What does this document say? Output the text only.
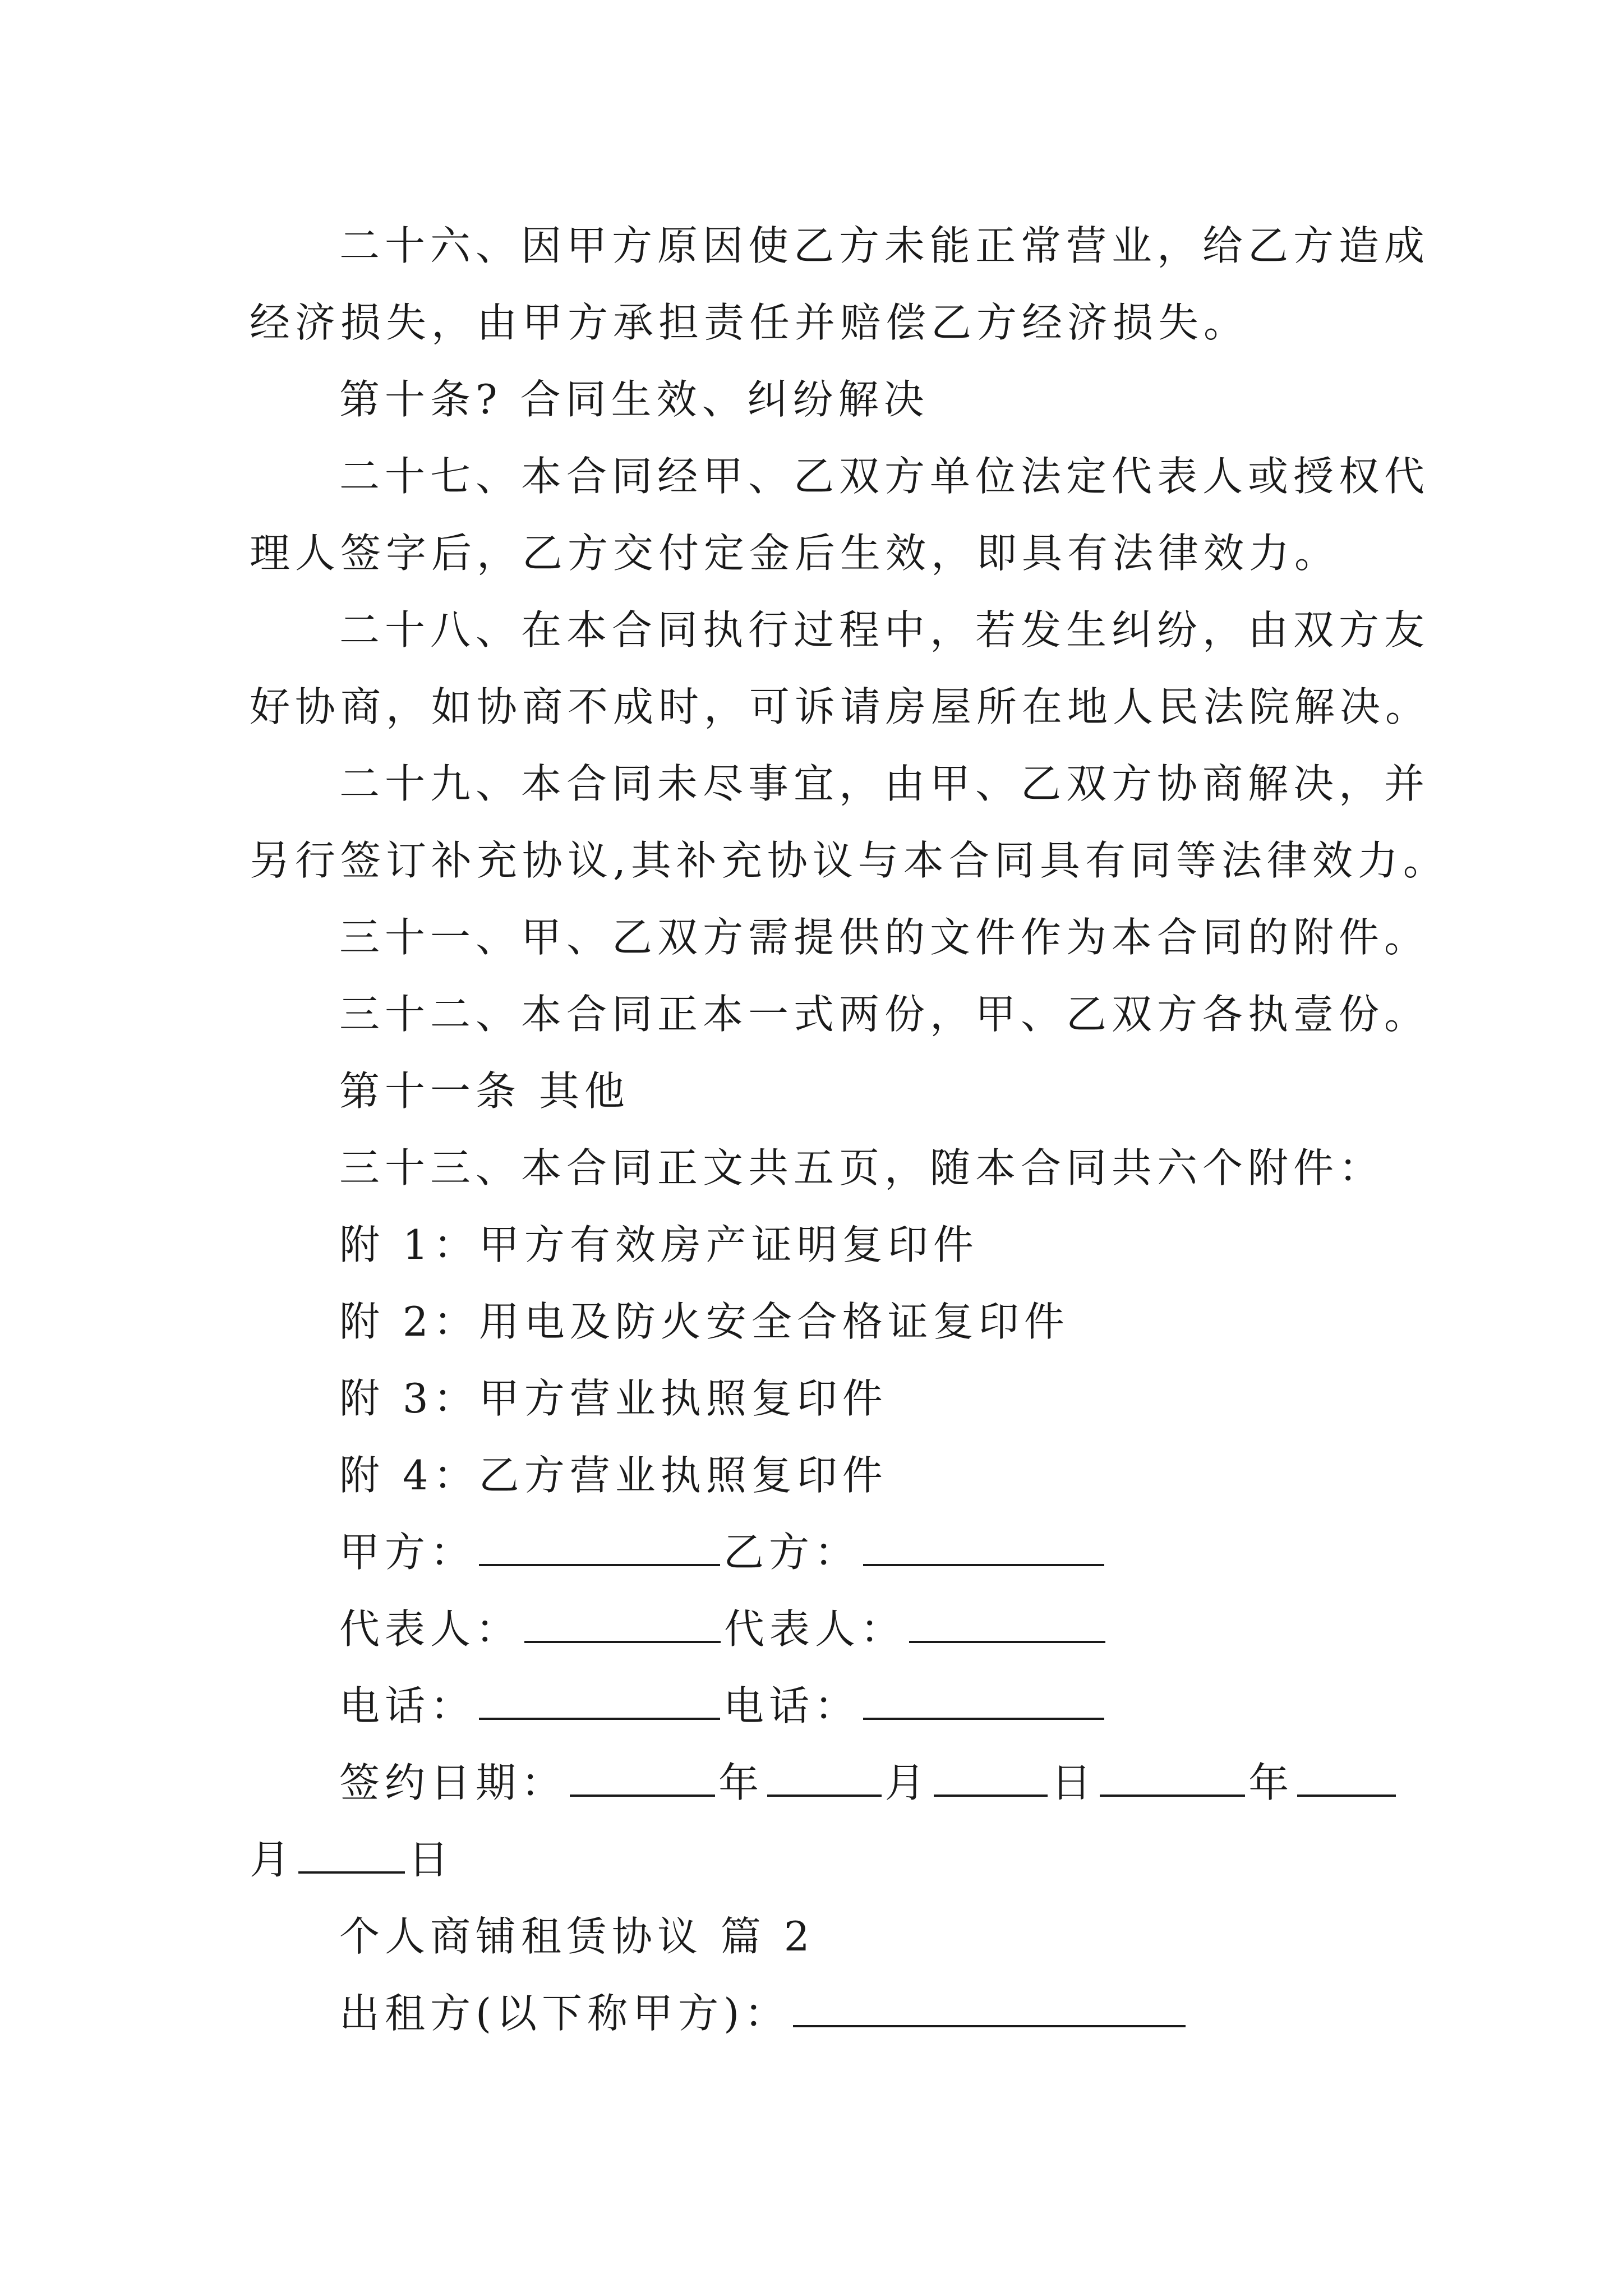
二十六、因甲方原因使乙方未能正常营业，给乙方造成
经济损失，由甲方承担责任并赔偿乙方经济损失。
第十条? 合同生效、纠纷解决
二十七、本合同经甲、乙双方单位法定代表人或授权代
理人签字后，乙方交付定金后生效，即具有法律效力。
二十八、在本合同执行过程中，若发生纠纷，由双方友
好协商，如协商不成时，可诉请房屋所在地人民法院解决。
二十九、本合同未尽事宜，由甲、乙双方协商解决，并
另行签订补充协议,其补充协议与本合同具有同等法律效力。
三十一、甲、乙双方需提供的文件作为本合同的附件。
三十二、本合同正本一式两份，甲、乙双方各执壹份。
第十一条 其他
三十三、本合同正文共五页，随本合同共六个附件：
附 1：甲方有效房产证明复印件
附 2：用电及防火安全合格证复印件
附 3：甲方营业执照复印件
附 4：乙方营业执照复印件
甲方：	乙方：
代表人：	代表人：
电话：	电话：
签约日期：	年	月	日	年
月	日
个人商铺租赁协议 篇 2
出租方(以下称甲方)：
